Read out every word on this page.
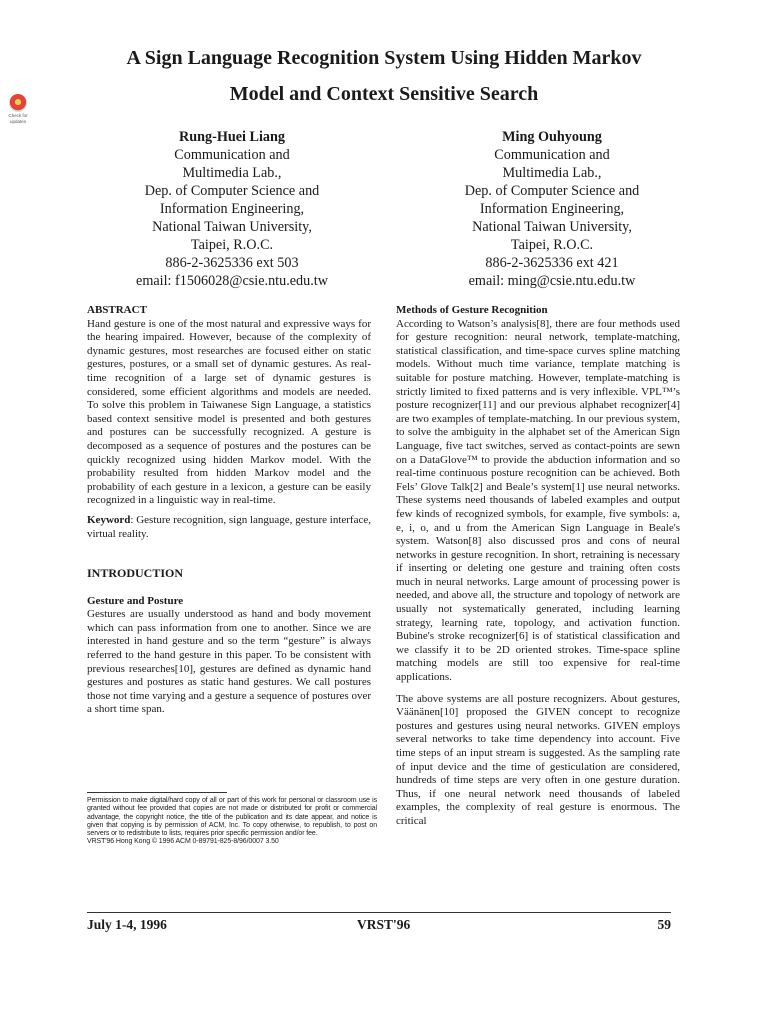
A Sign Language Recognition System Using Hidden Markov
Model and Context Sensitive Search
Check for
updates
Rung-Huei Liang
Communication and
Multimedia Lab.,
Dep. of Computer Science and
Information Engineering,
National Taiwan University,
Taipei, R.O.C.
886-2-3625336 ext 503
email: f1506028@csie.ntu.edu.tw
Ming Ouhyoung
Communication and
Multimedia Lab.,
Dep. of Computer Science and
Information Engineering,
National Taiwan University,
Taipei, R.O.C.
886-2-3625336 ext 421
email: ming@csie.ntu.edu.tw

ABSTRACT

Hand gesture is one of the most natural and expressive ways for the hearing impaired. However, because of the complexity of dynamic gestures, most researches are focused either on static gestures, postures, or a small set of dynamic gestures. As real-time recognition of a large set of dynamic gestures is considered, some efficient algorithms and models are needed. To solve this problem in Taiwanese Sign Language, a statistics based context sensitive model is presented and both gestures and postures can be successfully recognized. A gesture is decomposed as a sequence of postures and the postures can be quickly recognized using hidden Markov model. With the probability resulted from hidden Markov model and the probability of each gesture in a lexicon, a gesture can be easily recognized in a linguistic way in real-time.

Keyword: Gesture recognition, sign language, gesture interface, virtual reality.

INTRODUCTION

Gesture and Posture

Gestures are usually understood as hand and body movement which can pass information from one to another. Since we are interested in hand gesture and so the term “gesture” is always referred to the hand gesture in this paper. To be consistent with previous researches[10], gestures are defined as dynamic hand gestures and postures as static hand gestures. We call postures those not time varying and a gesture a sequence of postures over a short time span.

Permission to make digital/hard copy of all or part of this work for personal or classroom use is granted without fee provided that copies are not made or distributed for profit or commercial advantage, the copyright notice, the title of the publication and its date appear, and notice is given that copying is by permission of ACM, Inc. To copy otherwise, to republish, to post on servers or to redistribute to lists, requires prior specific permission and/or fee.
VRST'96 Hong Kong © 1996 ACM 0-89791-825-8/96/0007 3.50

Methods of Gesture Recognition

According to Watson’s analysis[8], there are four methods used for gesture recognition: neural network, template-matching, statistical classification, and time-space curves spline matching models. Without much time variance, template matching is suitable for posture matching. However, template-matching is strictly limited to fixed patterns and is very inflexible. VPL™’s posture recognizer[11] and our previous alphabet recognizer[4] are two examples of template-matching. In our previous system, to solve the ambiguity in the alphabet set of the American Sign Language, five tact switches, served as contact-points are sewn on a DataGlove™ to provide the abduction information and so real-time continuous posture recognition can be achieved. Both Fels’ Glove Talk[2] and Beale’s system[1] use neural networks. These systems need thousands of labeled examples and output few kinds of recognized symbols, for example, five symbols: a, e, i, o, and u from the American Sign Language in Beale's system. Watson[8] also discussed pros and cons of neural networks in gesture recognition. In short, retraining is necessary if inserting or deleting one gesture and training often costs much in neural networks. Large amount of processing power is needed, and above all, the structure and topology of network are usually not systematically generated, including learning strategy, learning rate, topology, and activation function. Bubine's stroke recognizer[6] is of statistical classification and we classify it to be 2D oriented strokes. Time-space spline matching models are still too expensive for real-time applications.

The above systems are all posture recognizers. About gestures, Väänänen[10] proposed the GIVEN concept to recognize postures and gestures using neural networks. GIVEN employs several networks to take time dependency into account. Five time steps of an input stream is suggested. As the sampling rate of input device and the time of gesticulation are considered, hundreds of time steps are very often in one gesture duration. Thus, if one neural network need thousands of labeled examples, the complexity of real gesture is enormous. The critical

July 1-4, 1996	VRST'96	59
